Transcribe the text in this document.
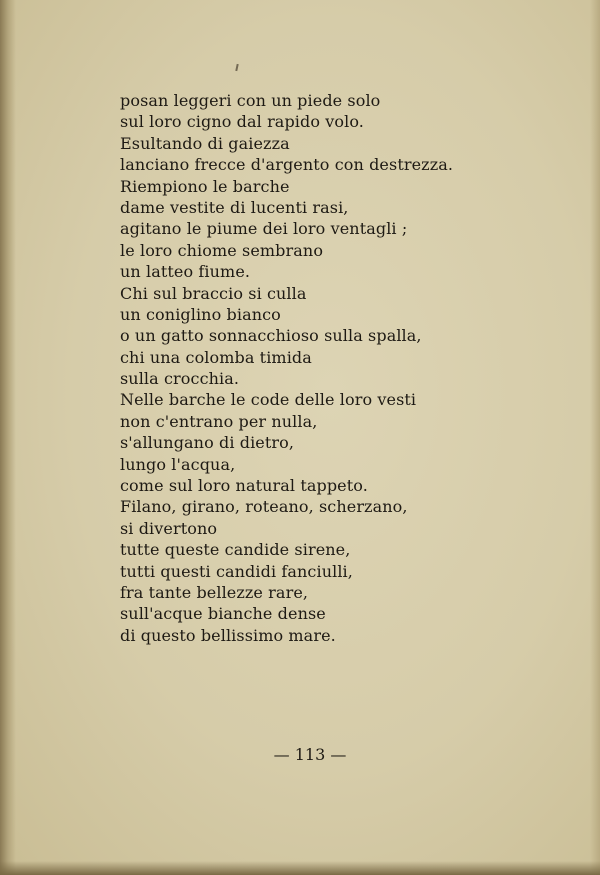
posan leggeri con un piede solo
sul loro cigno dal rapido volo.
Esultando di gaiezza
lanciano frecce d'argento con destrezza.
Riempiono le barche
dame vestite di lucenti rasi,
agitano le piume dei loro ventagli ;
le loro chiome sembrano
un latteo fiume.
Chi sul braccio si culla
un coniglino bianco
o un gatto sonnacchioso sulla spalla,
chi una colomba timida
sulla crocchia.
Nelle barche le code delle loro vesti
non c'entrano per nulla,
s'allungano di dietro,
lungo l'acqua,
come sul loro natural tappeto.
Filano, girano, roteano, scherzano,
si divertono
tutte queste candide sirene,
tutti questi candidi fanciulli,
fra tante bellezze rare,
sull'acque bianche dense
di questo bellissimo mare.
— 113 —
